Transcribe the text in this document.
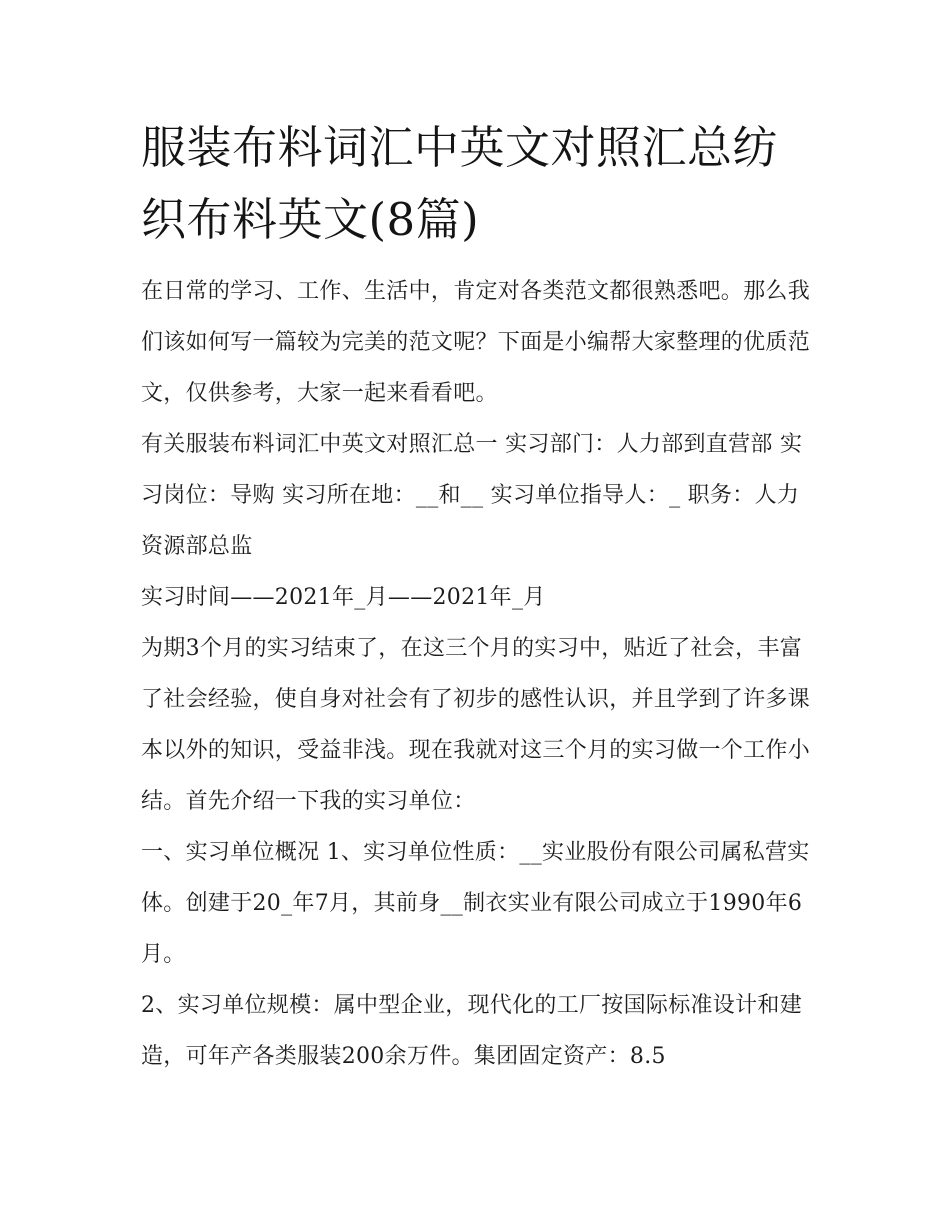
服装布料词汇中英文对照汇总纺织布料英文(8篇)

在日常的学习、工作、生活中，肯定对各类范文都很熟悉吧。那么我们该如何写一篇较为完美的范文呢？下面是小编帮大家整理的优质范文，仅供参考，大家一起来看看吧。

有关服装布料词汇中英文对照汇总一 实习部门：人力部到直营部 实习岗位：导购 实习所在地：__和__ 实习单位指导人：_ 职务：人力资源部总监

实习时间——2021年_月——2021年_月

为期3个月的实习结束了，在这三个月的实习中，贴近了社会，丰富了社会经验，使自身对社会有了初步的感性认识，并且学到了许多课本以外的知识，受益非浅。现在我就对这三个月的实习做一个工作小结。首先介绍一下我的实习单位：

一、实习单位概况 1、实习单位性质：__实业股份有限公司属私营实体。创建于20_年7月，其前身__制衣实业有限公司成立于1990年6月。

2、实习单位规模：属中型企业，现代化的工厂按国际标准设计和建造，可年产各类服装200余万件。集团固定资产：8.5
